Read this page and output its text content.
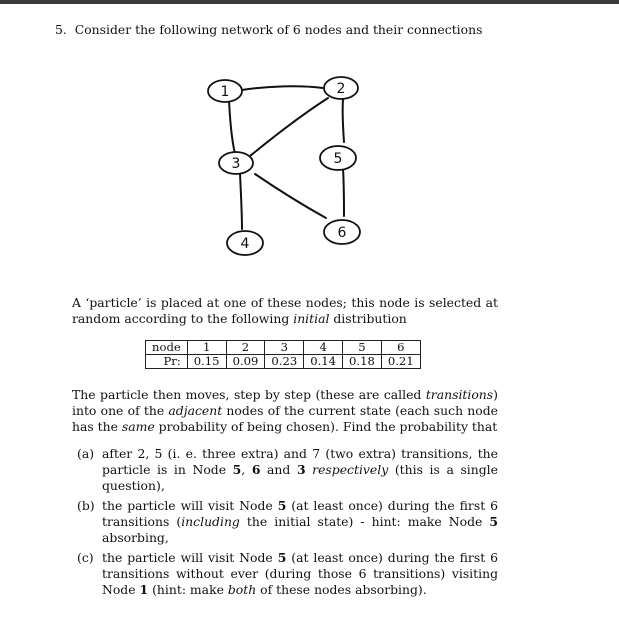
5. Consider the following network of 6 nodes and their connections
1	2
3
4
5
6
A ‘particle’ is placed at one of these nodes; this node is selected at random according to the following initial distribution
node	1	2	3	4	5	6
Pr:	0.15	0.09	0.23	0.14	0.18	0.21
The particle then moves, step by step (these are called transitions) into one of the adjacent nodes of the current state (each such node has the same probability of being chosen). Find the probability that
(a) after 2, 5 (i. e. three extra) and 7 (two extra) transitions, the particle is in Node 5, 6 and 3 respectively (this is a single question),
(b) the particle will visit Node 5 (at least once) during the first 6 transitions (including the initial state) - hint: make Node 5 absorbing,
(c) the particle will visit Node 5 (at least once) during the first 6 transitions without ever (during those 6 transitions) visiting Node 1 (hint: make both of these nodes absorbing).
